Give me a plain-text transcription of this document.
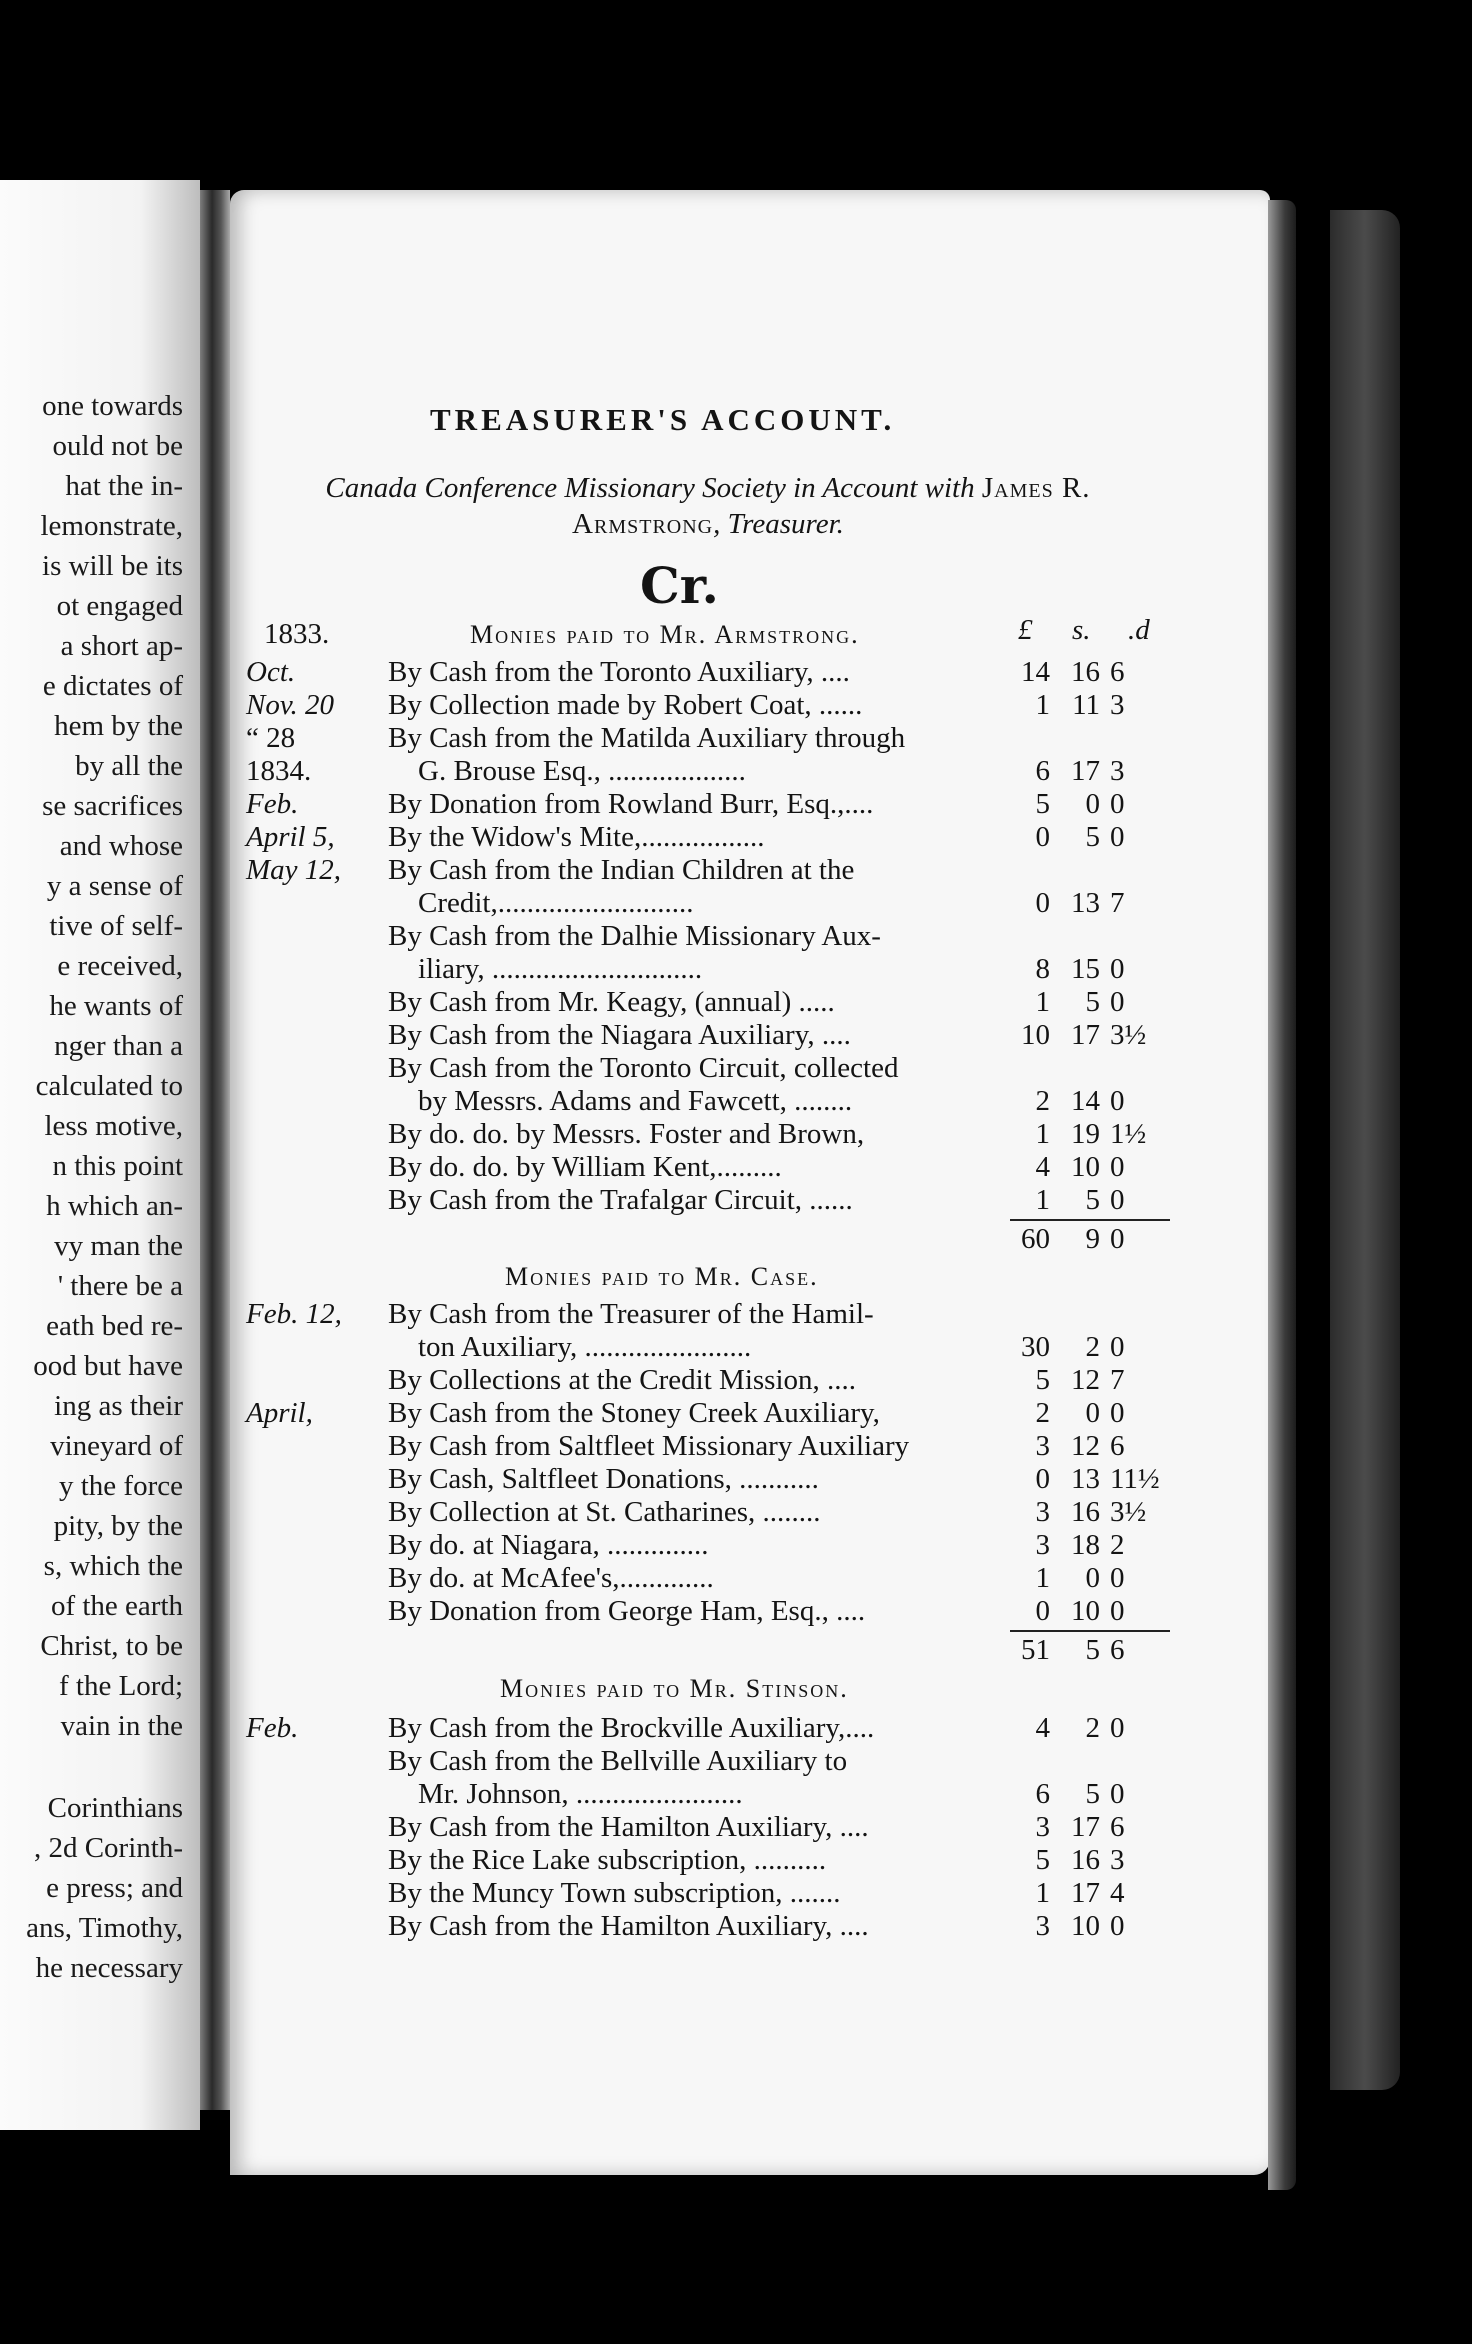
one towards
ould not be
hat the in-
lemonstrate,
is will be its
ot engaged
a short ap-
e dictates of
hem by the
by all the
se sacrifices
and whose
y a sense of
tive of self-
e received,
he wants of
nger than a
calculated to
less motive,
n this point
h which an-
vy man the
' there be a
eath bed re-
ood but have
ing as their
vineyard of
y the force
pity, by the
s, which the
of the earth
Christ, to be
f the Lord;
vain in the
Corinthians
, 2d Corinth-
e press; and
ans, Timothy,
he necessary
TREASURER'S ACCOUNT.
Canada Conference Missionary Society in Account with James R. Armstrong, Treasurer.
Cr.
1833.	£ s. .d
Monies paid to Mr. Armstrong.
Oct.	By Cash from the Toronto Auxiliary, ....	14 16 6
Nov. 20 By Collection made by Robert Coat, ......	1 11 3
“ 28	By Cash from the Matilda Auxiliary through
1834.	G. Brouse Esq., ...................	6 17 3
Feb.	By Donation from Rowland Burr, Esq.,....	5	0 0
April 5, By the Widow's Mite,.................	0	5 0
May 12, By Cash from the Indian Children at the
Credit,...........................	0 13 7
By Cash from the Dalhie Missionary Aux-
iliary, .............................	8 15 0
By Cash from Mr. Keagy, (annual) .....	1	5 0
By Cash from the Niagara Auxiliary, ....	10 17 3½
By Cash from the Toronto Circuit, collected
by Messrs. Adams and Fawcett, ........	2 14 0
By do. do. by Messrs. Foster and Brown,	1 19 1½
By do. do. by William Kent,.........	4 10 0
By Cash from the Trafalgar Circuit, ......	1	5 0
60	9 0
Monies paid to Mr. Case.
Feb. 12, By Cash from the Treasurer of the Hamil-
ton Auxiliary, .......................	30	2 0
By Collections at the Credit Mission, ....	5 12 7
April,	By Cash from the Stoney Creek Auxiliary,	2	0 0
By Cash from Saltfleet Missionary Auxiliary	3 12 6
By Cash, Saltfleet Donations, ...........	0 13 11½
By Collection at St. Catharines, ........	3 16 3½
By do. at Niagara, ..............	3 18 2
By do. at McAfee's,.............	1	0 0
By Donation from George Ham, Esq., ....	0 10 0
51	5 6
Monies paid to Mr. Stinson.
Feb.	By Cash from the Brockville Auxiliary,....	4	2 0
By Cash from the Bellville Auxiliary to
Mr. Johnson, .......................	6	5 0
By Cash from the Hamilton Auxiliary, ....	3 17 6
By the Rice Lake subscription, ..........	5 16 3
By the Muncy Town subscription, .......	1 17 4
By Cash from the Hamilton Auxiliary, ....	3 10 0
